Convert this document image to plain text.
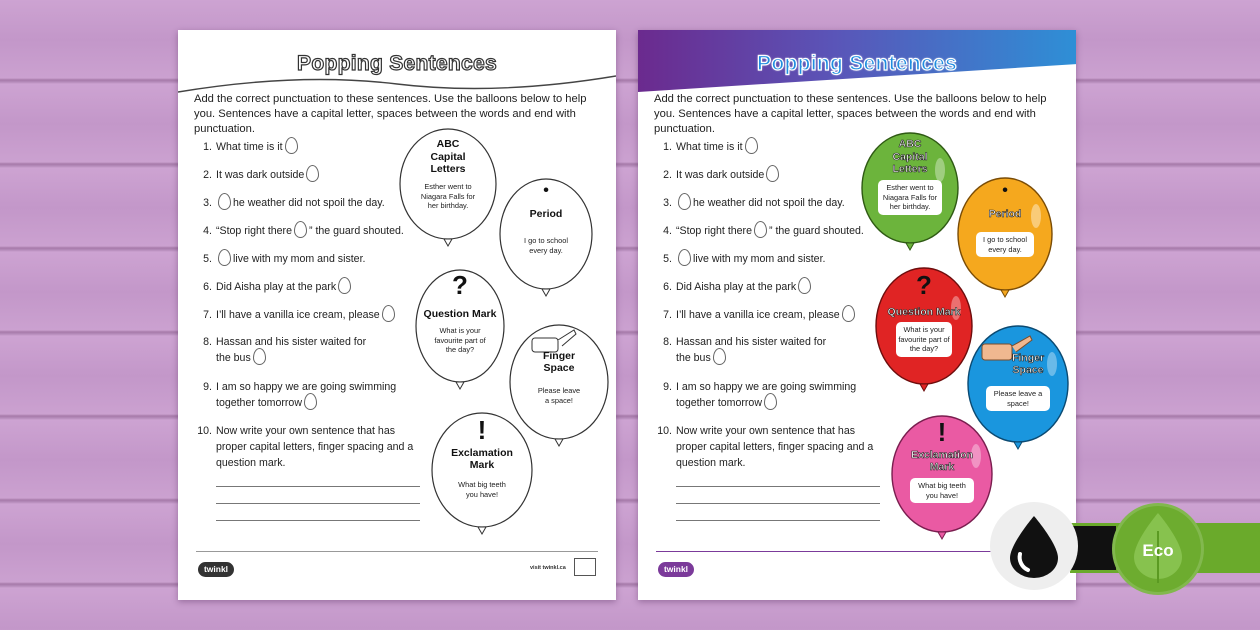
Popping Sentences
Add the correct punctuation to these sentences. Use the balloons below to help you. Sentences have a capital letter, spaces between the words and end with punctuation.
1. What time is it
2. It was dark outside
3.	he weather did not spoil the day.
4. “Stop right there ” the guard shouted.
5.	live with my mom and sister.
6. Did Aisha play at the park
7. I’ll have a vanilla ice cream, please
8. Hassan and his sister waited for
the bus
9. I am so happy we are going swimming
together tomorrow
10. Now write your own sentence that has
proper capital letters, finger spacing and a
question mark.
ABC
Capital
Letters
Esther went to Niagara Falls for her birthday.
•
Period
I go to school every day.
?
Question Mark
What is your favourite part of the day?
Finger
Space
Please leave a space!
!
Exclamation
Mark
What big teeth you have!
twinkl	visit twinkl.ca
Popping Sentences
Add the correct punctuation to these sentences. Use the balloons below to help you. Sentences have a capital letter, spaces between the words and end with punctuation.
1. What time is it
2. It was dark outside
3.	he weather did not spoil the day.
4. “Stop right there ” the guard shouted.
5.	live with my mom and sister.
6. Did Aisha play at the park
7. I’ll have a vanilla ice cream, please
8. Hassan and his sister waited for
the bus
9. I am so happy we are going swimming
together tomorrow
10. Now write your own sentence that has
proper capital letters, finger spacing and a
question mark.
ABC
Capital
Letters
Esther went to Niagara Falls for her birthday.
•
Period
I go to school every day.
?
Question Mark
What is your favourite part of the day?
Finger
Space
Please leave a space!
!
Exclamation
Mark
What big teeth you have!
twinkl
Eco
